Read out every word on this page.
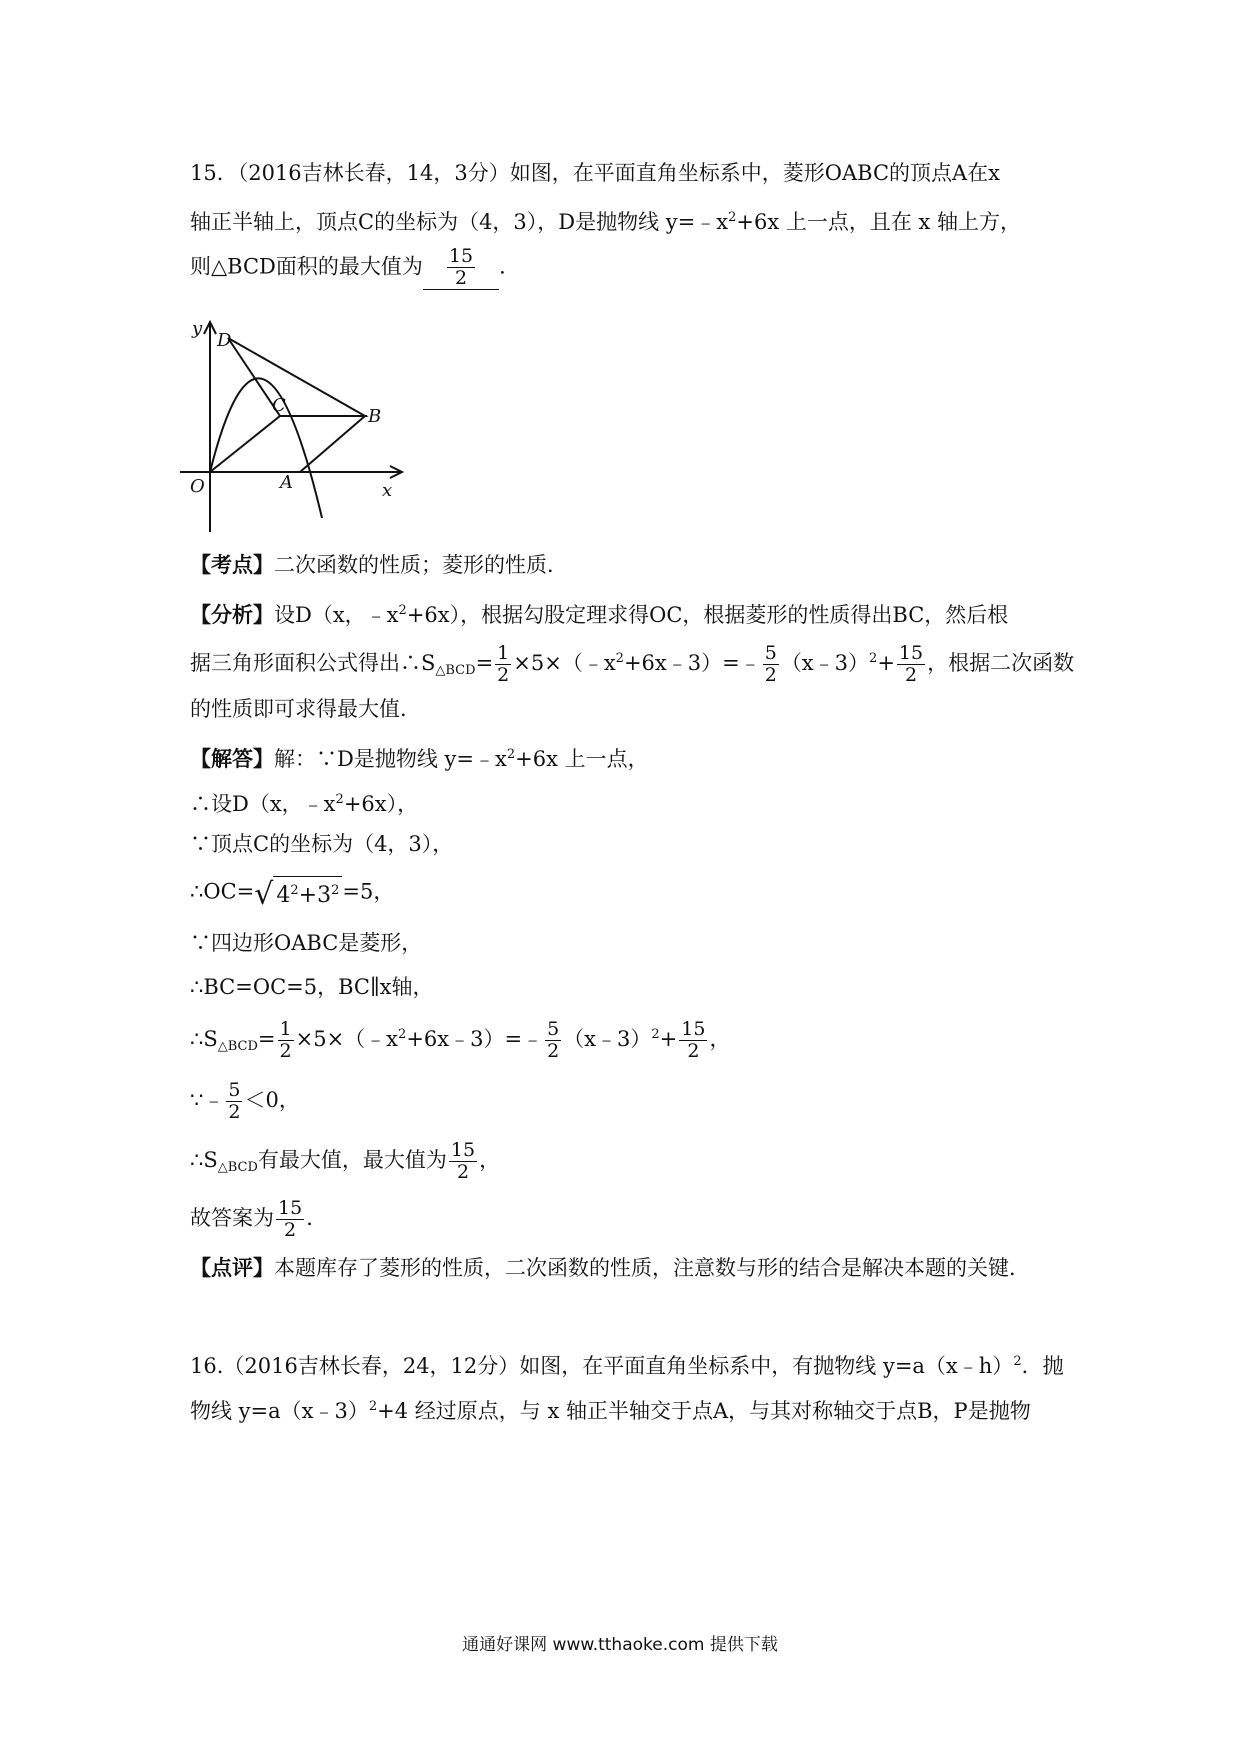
15．（2016吉林长春，14，3分）如图，在平面直角坐标系中，菱形OABC的顶点A在x
轴正半轴上，顶点C的坐标为（4，3），D是抛物线 $y=﹣x^2+6x$ 上一点，且在 x 轴上方，
则△BCD面积的最大值为 $\frac{15}{2}$ ．
y
x
O	A
B
C
D
【考点】二次函数的性质；菱形的性质．
【分析】设D（x，$﹣x^2+6x$），根据勾股定理求得OC，根据菱形的性质得出BC，然后根
据三角形面积公式得出$\therefore S_{\triangle BCD}= \frac{1}{2}$ $\times 5\times(﹣x^2+6x﹣3)=﹣ \frac{5}{2}$ （x﹣3）$^2$+ $\frac{15}{2}$ ，根据二次函数
的性质即可求得最大值．
【解答】解：∵D是抛物线 $y=﹣x^2+6x$ 上一点，
∴设D（x，$﹣x^2+6x$），
∵顶点C的坐标为（4，3），
∴OC= √ $4^2+3^2 =5$，
∵四边形OABC是菱形，
∴BC=OC=5，BC∥x轴，
$\therefore S_{\triangle BCD}= \frac{1}{2}$ $\times 5\times(﹣x^2+6x﹣3)=﹣ \frac{5}{2}$ （x﹣3）$^2$+ $\frac{15}{2}$ ，
∵﹣ $\frac{5}{2} <0$，
$\therefore S_{\triangle BCD}$有最大值，最大值为 $\frac{15}{2}$ ，
故答案为 $\frac{15}{2}$ ．
【点评】本题库存了菱形的性质，二次函数的性质，注意数与形的结合是解决本题的关键．
16.（2016吉林长春，24，12分）如图，在平面直角坐标系中，有抛物线 y=a（x﹣h）$^2$．抛
物线 y=a（x﹣3）$^2$+4 经过原点，与 x 轴正半轴交于点A，与其对称轴交于点B，P是抛物
通通好课网 www.tthaoke.com 提供下载
